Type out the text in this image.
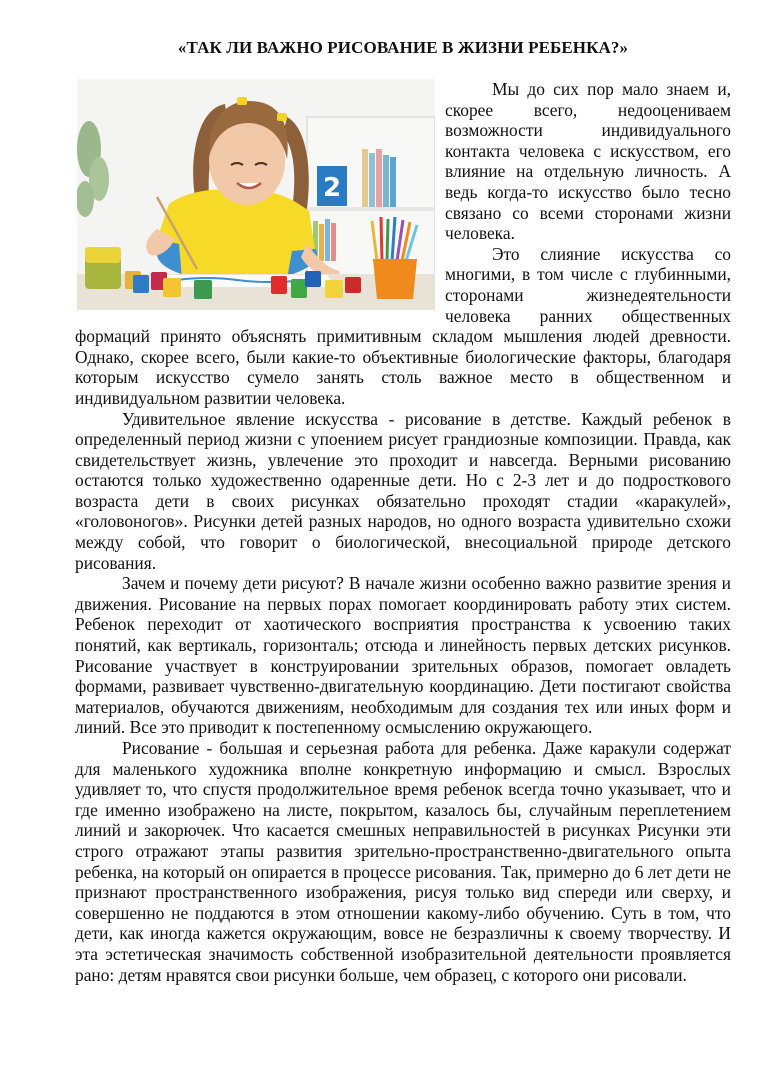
«ТАК ЛИ ВАЖНО РИСОВАНИЕ В ЖИЗНИ РЕБЕНКА?»
2

Мы до сих пор мало знаем и, скорее всего, недооцениваем возможности индивидуального контакта человека с искусством, его влияние на отдельную личность. А ведь когда-то искусство было тесно связано со всеми сторонами жизни человека.

Это слияние искусства со многими, в том числе с глубинными, сторонами жизнедеятельности человека ранних общественных формаций принято объяснять примитивным складом мышления людей древности. Однако, скорее всего, были какие-то объективные биологические факторы, благодаря которым искусство сумело занять столь важное место в общественном и индивидуальном развитии человека.

Удивительное явление искусства - рисование в детстве. Каждый ребенок в определенный период жизни с упоением рисует грандиозные композиции. Правда, как свидетельствует жизнь, увлечение это проходит и навсегда. Верными рисованию остаются только художественно одаренные дети. Но с 2-3 лет и до подросткового возраста дети в своих рисунках обязательно проходят стадии «каракулей», «головоногов». Рисунки детей разных народов, но одного возраста удивительно схожи между собой, что говорит о биологической, внесоциальной природе детского рисования.

Зачем и почему дети рисуют? В начале жизни особенно важно развитие зрения и движения. Рисование на первых порах помогает координировать работу этих систем. Ребенок переходит от хаотического восприятия пространства к усвоению таких понятий, как вертикаль, горизонталь; отсюда и линейность первых детских рисунков. Рисование участвует в конструировании зрительных образов, помогает овладеть формами, развивает чувственно-двигательную координацию. Дети постигают свойства материалов, обучаются движениям, необходимым для создания тех или иных форм и линий. Все это приводит к постепенному осмыслению окружающего.

Рисование - большая и серьезная работа для ребенка. Даже каракули содержат для маленького художника вполне конкретную информацию и смысл. Взрослых удивляет то, что спустя продолжительное время ребенок всегда точно указывает, что и где именно изображено на листе, покрытом, казалось бы, случайным переплетением линий и закорючек. Что касается смешных неправильностей в рисунках Рисунки эти строго отражают этапы развития зрительно-пространственно-двигательного опыта ребенка, на который он опирается в процессе рисования. Так, примерно до 6 лет дети не признают пространственного изображения, рисуя только вид спереди или сверху, и совершенно не поддаются в этом отношении какому-либо обучению. Суть в том, что дети, как иногда кажется окружающим, вовсе не безразличны к своему творчеству. И эта эстетическая значимость собственной изобразительной деятельности проявляется рано: детям нравятся свои рисунки больше, чем образец, с которого они рисовали.
